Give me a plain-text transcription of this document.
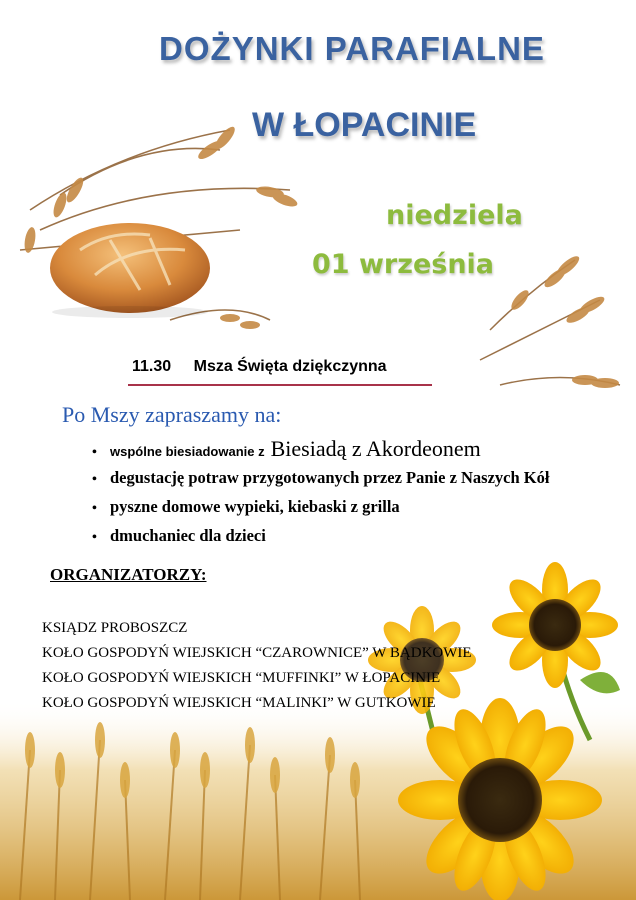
DOŻYNKI PARAFIALNE
W ŁOPACINIE
niedziela
01 września
11.30 Msza Święta dziękczynna
Po Mszy zapraszamy na:
• wspólne biesiadowanie z Biesiadą z Akordeonem
• degustację potraw przygotowanych przez Panie z Naszych Kół
• pyszne domowe wypieki, kiebaski z grilla
• dmuchaniec dla dzieci
ORGANIZATORZY:
KSIĄDZ PROBOSZCZ
KOŁO GOSPODYŃ WIEJSKICH “CZAROWNICE” W BĄDKOWIE
KOŁO GOSPODYŃ WIEJSKICH “MUFFINKI” W ŁOPACINIE
KOŁO GOSPODYŃ WIEJSKICH “MALINKI” W GUTKOWIE
